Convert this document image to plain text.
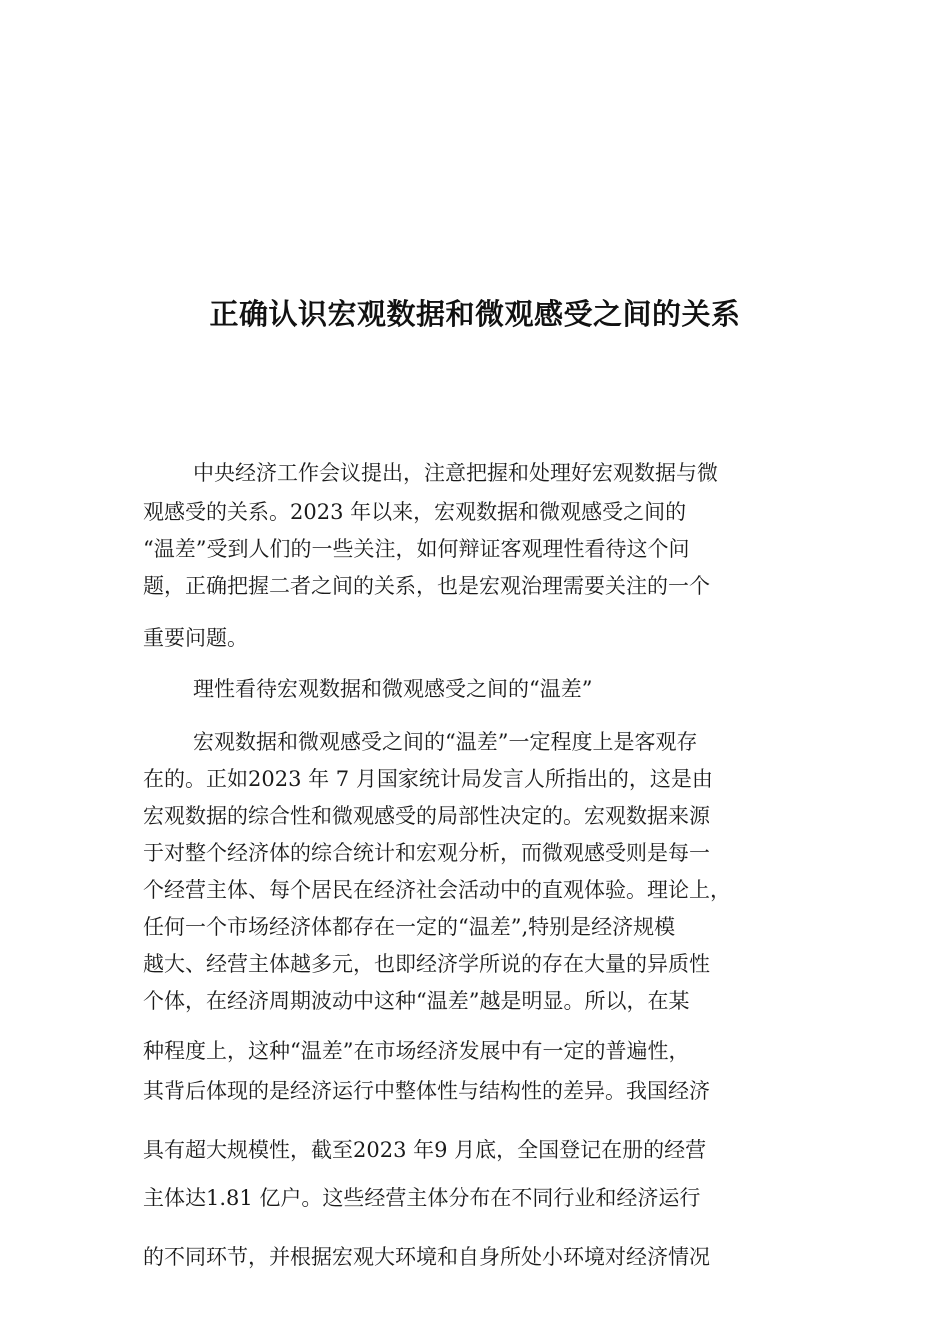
正确认识宏观数据和微观感受之间的关系
中央经济工作会议提出，注意把握和处理好宏观数据与微
观感受的关系。2023 年以来，宏观数据和微观感受之间的
“温差”受到人们的一些关注，如何辩证客观理性看待这个问
题，正确把握二者之间的关系，也是宏观治理需要关注的一个
重要问题。
理性看待宏观数据和微观感受之间的“温差”
宏观数据和微观感受之间的“温差”一定程度上是客观存
在的。正如2023 年 7 月国家统计局发言人所指出的，这是由
宏观数据的综合性和微观感受的局部性决定的。宏观数据来源
于对整个经济体的综合统计和宏观分析，而微观感受则是每一
个经营主体、每个居民在经济社会活动中的直观体验。理论上，
任何一个市场经济体都存在一定的“温差”,特别是经济规模
越大、经营主体越多元，也即经济学所说的存在大量的异质性
个体，在经济周期波动中这种“温差”越是明显。所以，在某
种程度上，这种“温差”在市场经济发展中有一定的普遍性，
其背后体现的是经济运行中整体性与结构性的差异。我国经济
具有超大规模性，截至2023 年9 月底，全国登记在册的经营
主体达1.81 亿户。这些经营主体分布在不同行业和经济运行
的不同环节，并根据宏观大环境和自身所处小环境对经济情况
